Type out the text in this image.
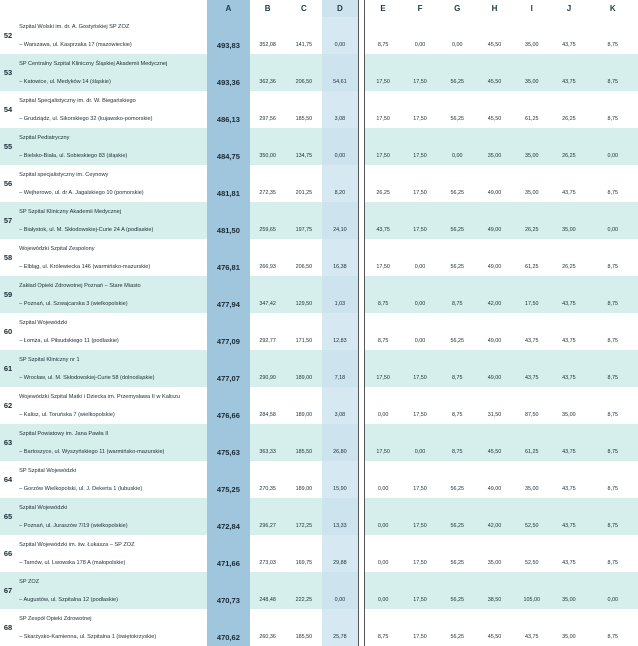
		A	B	C	D		E	F	G	H	I	J	K
52	Szpital Wolski im. dr. A. Gostyńskiej SP ZOZ												
	– Warszawa, ul. Kasprzaka 17 (mazowieckie)	493,83	352,08	141,75	0,00		8,75	0,00	0,00	45,50	35,00	43,75	8,75
53	SP Centralny Szpital Kliniczny Śląskiej Akademii Medycznej												
	– Katowice, ul. Medyków 14 (śląskie)	493,36	362,36	206,50	54,61		17,50	17,50	56,25	45,50	35,00	43,75	8,75
54	Szpital Specjalistyczny im. dr. W. Biegańskiego												
	– Grudziądz, ul. Sikorskiego 32 (kujawsko-pomorskie)	486,13	297,56	185,50	3,08		17,50	17,50	56,25	45,50	61,25	26,25	8,75
55	Szpital Pediatryczny												
	– Bielsko-Biała, ul. Sobieskiego 83 (śląskie)	484,75	350,00	134,75	0,00		17,50	17,50	0,00	35,00	35,00	26,25	0,00
56	Szpital specjalistyczny im. Ceynowy												
	– Wejherowo, ul. dr A. Jagalskiego 10 (pomorskie)	481,81	272,35	201,25	8,20		26,25	17,50	56,25	49,00	35,00	43,75	8,75
57	SP Szpital Kliniczny Akademii Medycznej												
	– Białystok, ul. M. Skłodowskiej-Curie 24 A (podlaskie)	481,50	259,65	197,75	24,10		43,75	17,50	56,25	49,00	26,25	35,00	0,00
58	Wojewódzki Szpital Zespolony												
	– Elbląg, ul. Królewiecka 146 (warmińsko-mazurskie)	476,81	266,93	206,50	16,38		17,50	0,00	56,25	49,00	61,25	26,25	8,75
59	Zakład Opieki Zdrowotnej Poznań – Stare Miasto												
	– Poznań, ul. Szwajcarska 3 (wielkopolskie)	477,94	347,42	129,50	1,03		8,75	0,00	8,75	42,00	17,50	43,75	8,75
60	Szpital Wojewódzki												
	– Łomża, ul. Piłsudskiego 11 (podlaskie)	477,09	292,77	171,50	12,83		8,75	0,00	56,25	49,00	43,75	43,75	8,75
61	SP Szpital Kliniczny nr 1												
	– Wrocław, ul. M. Skłodowskiej-Curie 58 (dolnośląskie)	477,07	290,90	189,00	7,18		17,50	17,50	8,75	49,00	43,75	43,75	8,75
62	Wojewódzki Szpital Matki i Dziecka im. Przemysława II w Kaliszu												
	– Kalisz, ul. Toruńska 7 (wielkopolskie)	476,66	284,58	189,00	3,08		0,00	17,50	8,75	31,50	87,50	35,00	8,75
63	Szpital Powiatowy im. Jana Pawła II												
	– Bartoszyce, ul. Wyszyńskiego 11 (warmińsko-mazurskie)	475,63	363,33	185,50	26,80		17,50	0,00	8,75	45,50	61,25	43,75	8,75
64	SP Szpital Wojewódzki												
	– Gorzów Wielkopolski, ul. J. Dekerta 1 (lubuskie)	475,25	270,35	189,00	15,90		0,00	17,50	56,25	49,00	35,00	43,75	8,75
65	Szpital Wojewódzki												
	– Poznań, ul. Juraszów 7/19 (wielkopolskie)	472,84	296,27	172,25	13,33		0,00	17,50	56,25	42,00	52,50	43,75	8,75
66	Szpital Wojewódzki im. św. Łukasza – SP ZOZ												
	– Tarnów, ul. Lwowska 178 A (małopolskie)	471,66	273,03	169,75	29,88		0,00	17,50	56,25	35,00	52,50	43,75	8,75
67	SP ZOZ												
	– Augustów, ul. Szpitalna 12 (podlaskie)	470,73	248,48	222,25	0,00		0,00	17,50	56,25	38,50	105,00	35,00	0,00
68	SP Zespół Opieki Zdrowotnej												
	– Skarżysko-Kamienna, ul. Szpitalna 1 (świętokrzyskie)	470,62	260,36	185,50	25,78		8,75	17,50	56,25	45,50	43,75	35,00	8,75
